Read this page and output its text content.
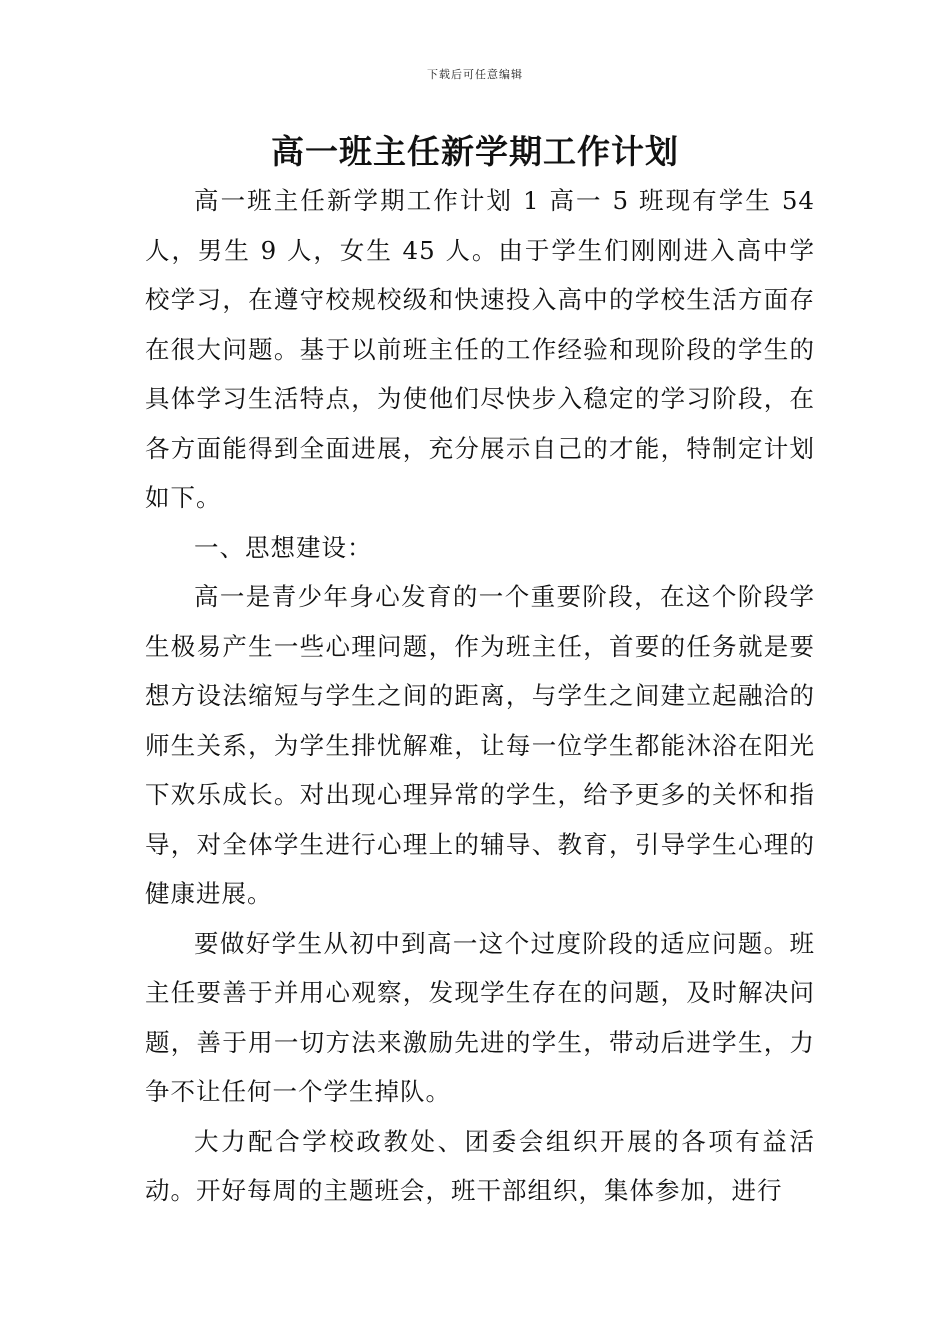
下载后可任意编辑
高一班主任新学期工作计划

高一班主任新学期工作计划 1 高一 5 班现有学生 54 人，男生 9 人，女生 45 人。由于学生们刚刚进入高中学校学习，在遵守校规校级和快速投入高中的学校生活方面存在很大问题。基于以前班主任的工作经验和现阶段的学生的具体学习生活特点，为使他们尽快步入稳定的学习阶段，在各方面能得到全面进展，充分展示自己的才能，特制定计划如下。

一、思想建设：

高一是青少年身心发育的一个重要阶段，在这个阶段学生极易产生一些心理问题，作为班主任，首要的任务就是要想方设法缩短与学生之间的距离，与学生之间建立起融洽的师生关系，为学生排忧解难，让每一位学生都能沐浴在阳光下欢乐成长。对出现心理异常的学生，给予更多的关怀和指导，对全体学生进行心理上的辅导、教育，引导学生心理的健康进展。

要做好学生从初中到高一这个过度阶段的适应问题。班主任要善于并用心观察，发现学生存在的问题，及时解决问题，善于用一切方法来激励先进的学生，带动后进学生，力争不让任何一个学生掉队。

大力配合学校政教处、团委会组织开展的各项有益活动。开好每周的主题班会，班干部组织，集体参加，进行
